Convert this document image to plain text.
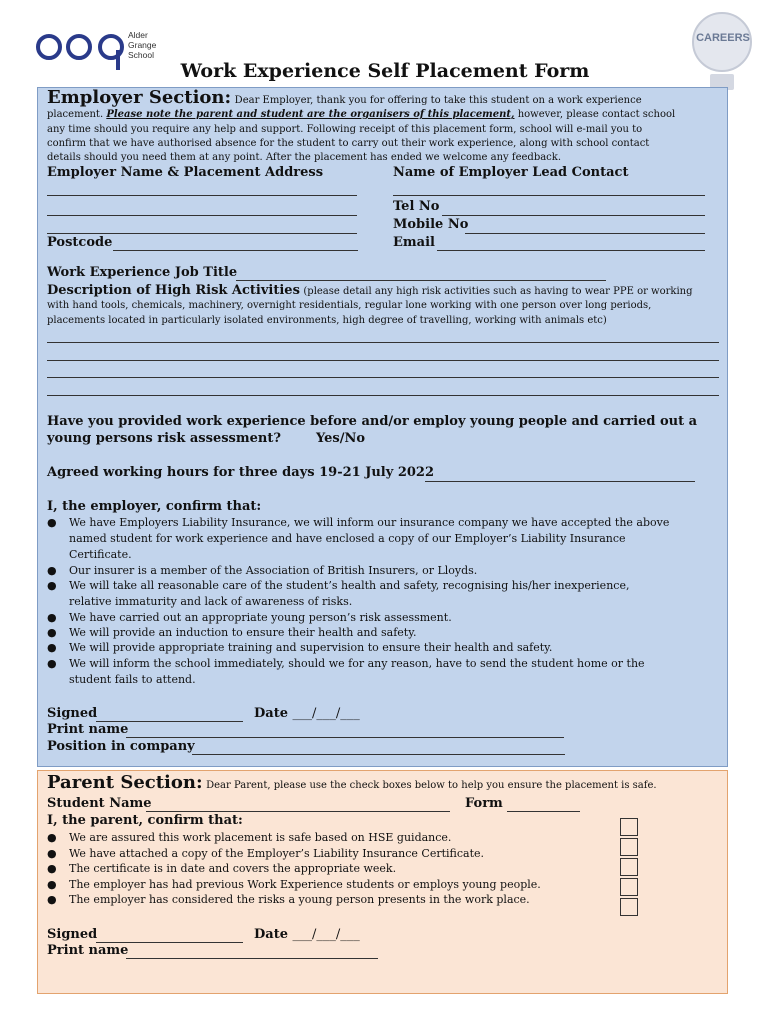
Alder
Grange
School
CAREERS
Work Experience Self Placement Form
Employer Section: Dear Employer, thank you for offering to take this student on a work experience
placement. Please note the parent and student are the organisers of this placement, however, please contact school
any time should you require any help and support. Following receipt of this placement form, school will e-mail you to
confirm that we have authorised absence for the student to carry out their work experience, along with school contact
details should you need them at any point. After the placement has ended we welcome any feedback.
Employer Name & Placement Address	Name of Employer Lead Contact
Tel No
Mobile No
Postcode	Email
Work Experience Job Title
Description of High Risk Activities (please detail any high risk activities such as having to wear PPE or working
with hand tools, chemicals, machinery, overnight residentials, regular lone working with one person over long periods,
placements located in particularly isolated environments, high degree of travelling, working with animals etc)
Have you provided work experience before and/or employ young people and carried out a
young persons risk assessment?	Yes/No
Agreed working hours for three days 19-21 July 2022
I, the employer, confirm that:
● We have Employers Liability Insurance, we will inform our insurance company we have accepted the above
named student for work experience and have enclosed a copy of our Employer’s Liability Insurance
Certificate.
● Our insurer is a member of the Association of British Insurers, or Lloyds.
● We will take all reasonable care of the student’s health and safety, recognising his/her inexperience,
relative immaturity and lack of awareness of risks.
● We have carried out an appropriate young person’s risk assessment.
● We will provide an induction to ensure their health and safety.
● We will provide appropriate training and supervision to ensure their health and safety.
● We will inform the school immediately, should we for any reason, have to send the student home or the
student fails to attend.
Signed	Date ___/___/___
Print name
Position in company
Parent Section: Dear Parent, please use the check boxes below to help you ensure the placement is safe.
Student Name	Form
I, the parent, confirm that:
● We are assured this work placement is safe based on HSE guidance.
● We have attached a copy of the Employer’s Liability Insurance Certificate.
● The certificate is in date and covers the appropriate week.
● The employer has had previous Work Experience students or employs young people.
● The employer has considered the risks a young person presents in the work place.
Signed	Date ___/___/___
Print name
